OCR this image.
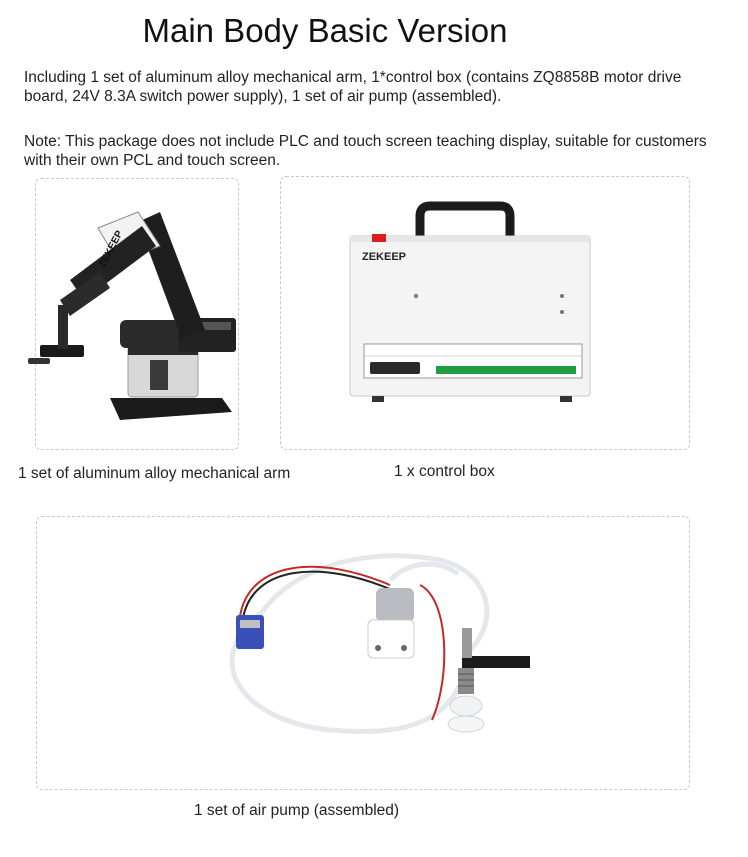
Main Body Basic Version
Including 1 set of aluminum alloy mechanical arm, 1*control box (contains ZQ8858B motor drive board, 24V 8.3A switch power supply), 1 set of air pump (assembled).
Note: This package does not include PLC and touch screen teaching display, suitable for customers with their own PCL and touch screen.
ZEKEEP	ZEKEEP
1 set of aluminum alloy mechanical arm	1 x control box
1 set of air pump (assembled)
